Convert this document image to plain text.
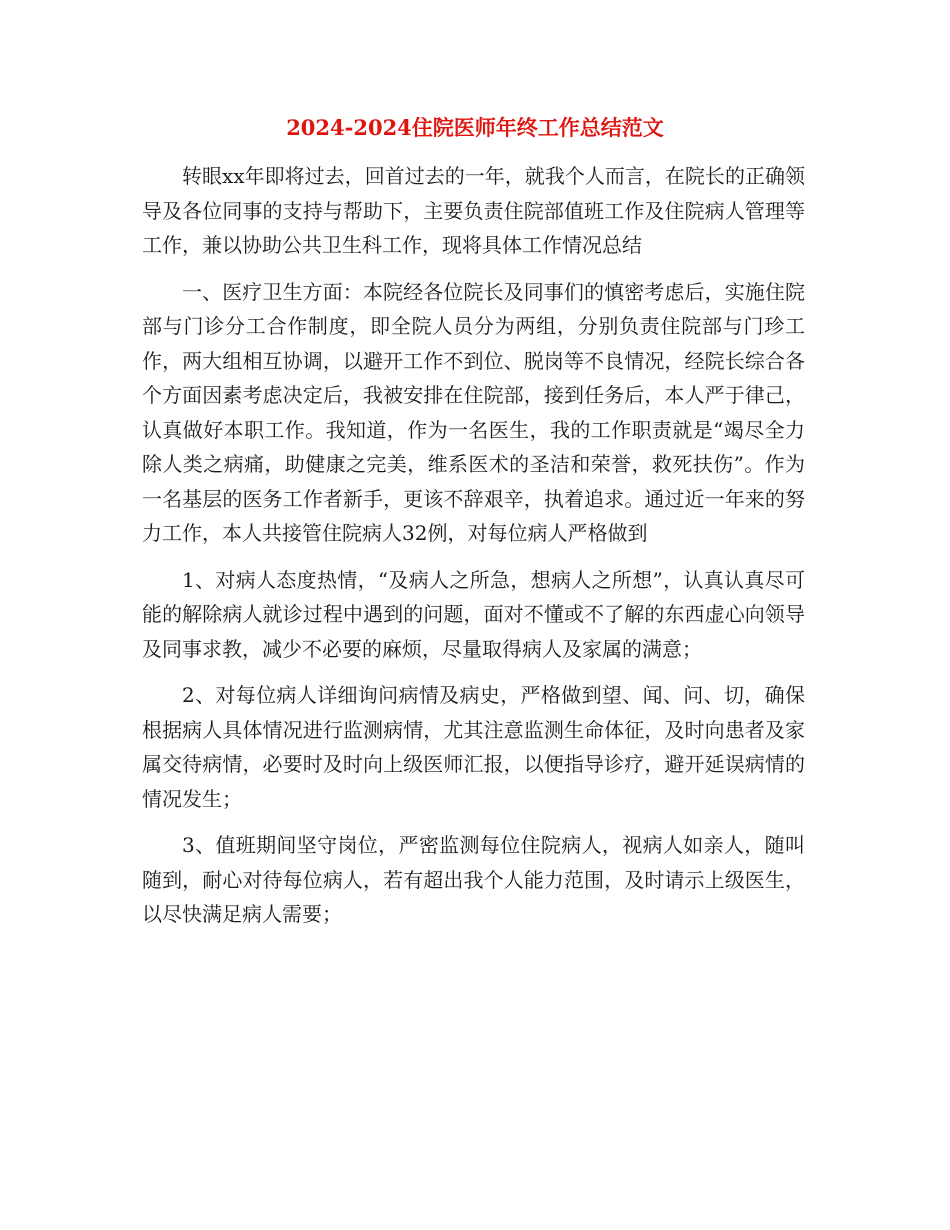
2024-2024住院医师年终工作总结范文

转眼xx年即将过去，回首过去的一年，就我个人而言，在院长的正确领导及各位同事的支持与帮助下，主要负责住院部值班工作及住院病人管理等工作，兼以协助公共卫生科工作，现将具体工作情况总结

一、医疗卫生方面：本院经各位院长及同事们的慎密考虑后，实施住院部与门诊分工合作制度，即全院人员分为两组，分别负责住院部与门珍工作，两大组相互协调，以避开工作不到位、脱岗等不良情况，经院长综合各个方面因素考虑决定后，我被安排在住院部，接到任务后，本人严于律己，认真做好本职工作。我知道，作为一名医生，我的工作职责就是“竭尽全力除人类之病痛，助健康之完美，维系医术的圣洁和荣誉，救死扶伤”。作为一名基层的医务工作者新手，更该不辞艰辛，执着追求。通过近一年来的努力工作，本人共接管住院病人32例，对每位病人严格做到

1、对病人态度热情，“及病人之所急，想病人之所想”，认真认真尽可能的解除病人就诊过程中遇到的问题，面对不懂或不了解的东西虚心向领导及同事求教，减少不必要的麻烦，尽量取得病人及家属的满意；

2、对每位病人详细询问病情及病史，严格做到望、闻、问、切，确保根据病人具体情况进行监测病情，尤其注意监测生命体征，及时向患者及家属交待病情，必要时及时向上级医师汇报，以便指导诊疗，避开延误病情的情况发生；

3、值班期间坚守岗位，严密监测每位住院病人，视病人如亲人，随叫随到，耐心对待每位病人，若有超出我个人能力范围，及时请示上级医生，以尽快满足病人需要；
